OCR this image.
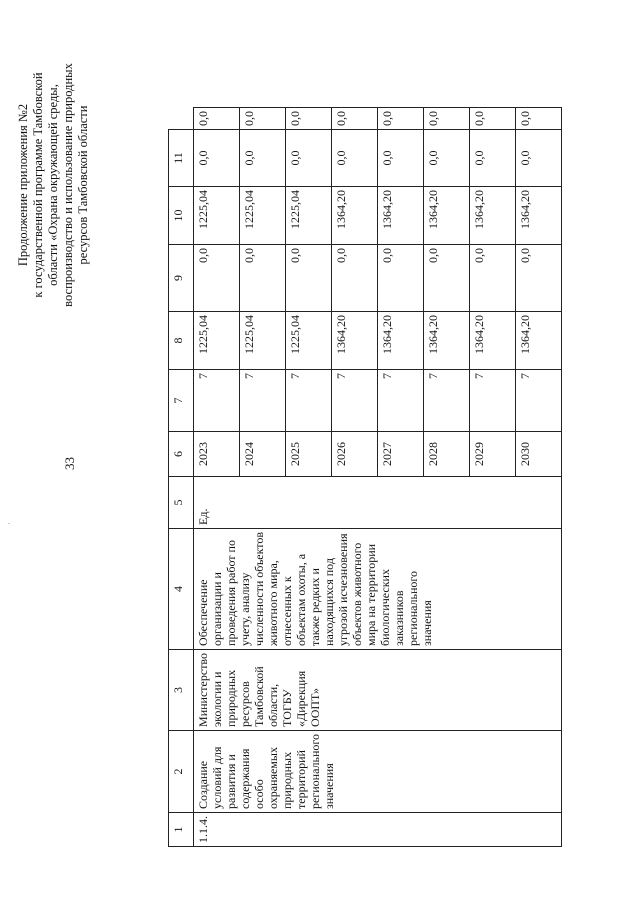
·
33
Продолжение приложения №2 к государственной программе Тамбовской области «Охрана окружающей среды, воспроизводство и использование природных ресурсов Тамбовской области
1	2	3	4	5	6	7	8	9	10	11	
1.1.4.	Создание условий для развития и содержания особо охраняемых природных территорий регионального значения	Министерство экологии и природных ресурсов Тамбовской области, ТОГБУ «Дирекция ООПТ»	Обеспечение организации и проведения работ по учету, анализу численности объектов животного мира, отнесенных к объектам охоты, а также редких и находящихся под угрозой исчезновения объектов животного мира на территории биологических заказников регионального значения	Ед.	2023	7	1225,04	0,0	1225,04	0,0	0,0
					2024	7	1225,04	0,0	1225,04	0,0	0,0
					2025	7	1225,04	0,0	1225,04	0,0	0,0
					2026	7	1364,20	0,0	1364,20	0,0	0,0
					2027	7	1364,20	0,0	1364,20	0,0	0,0
					2028	7	1364,20	0,0	1364,20	0,0	0,0
					2029	7	1364,20	0,0	1364,20	0,0	0,0
					2030	7	1364,20	0,0	1364,20	0,0	0,0
